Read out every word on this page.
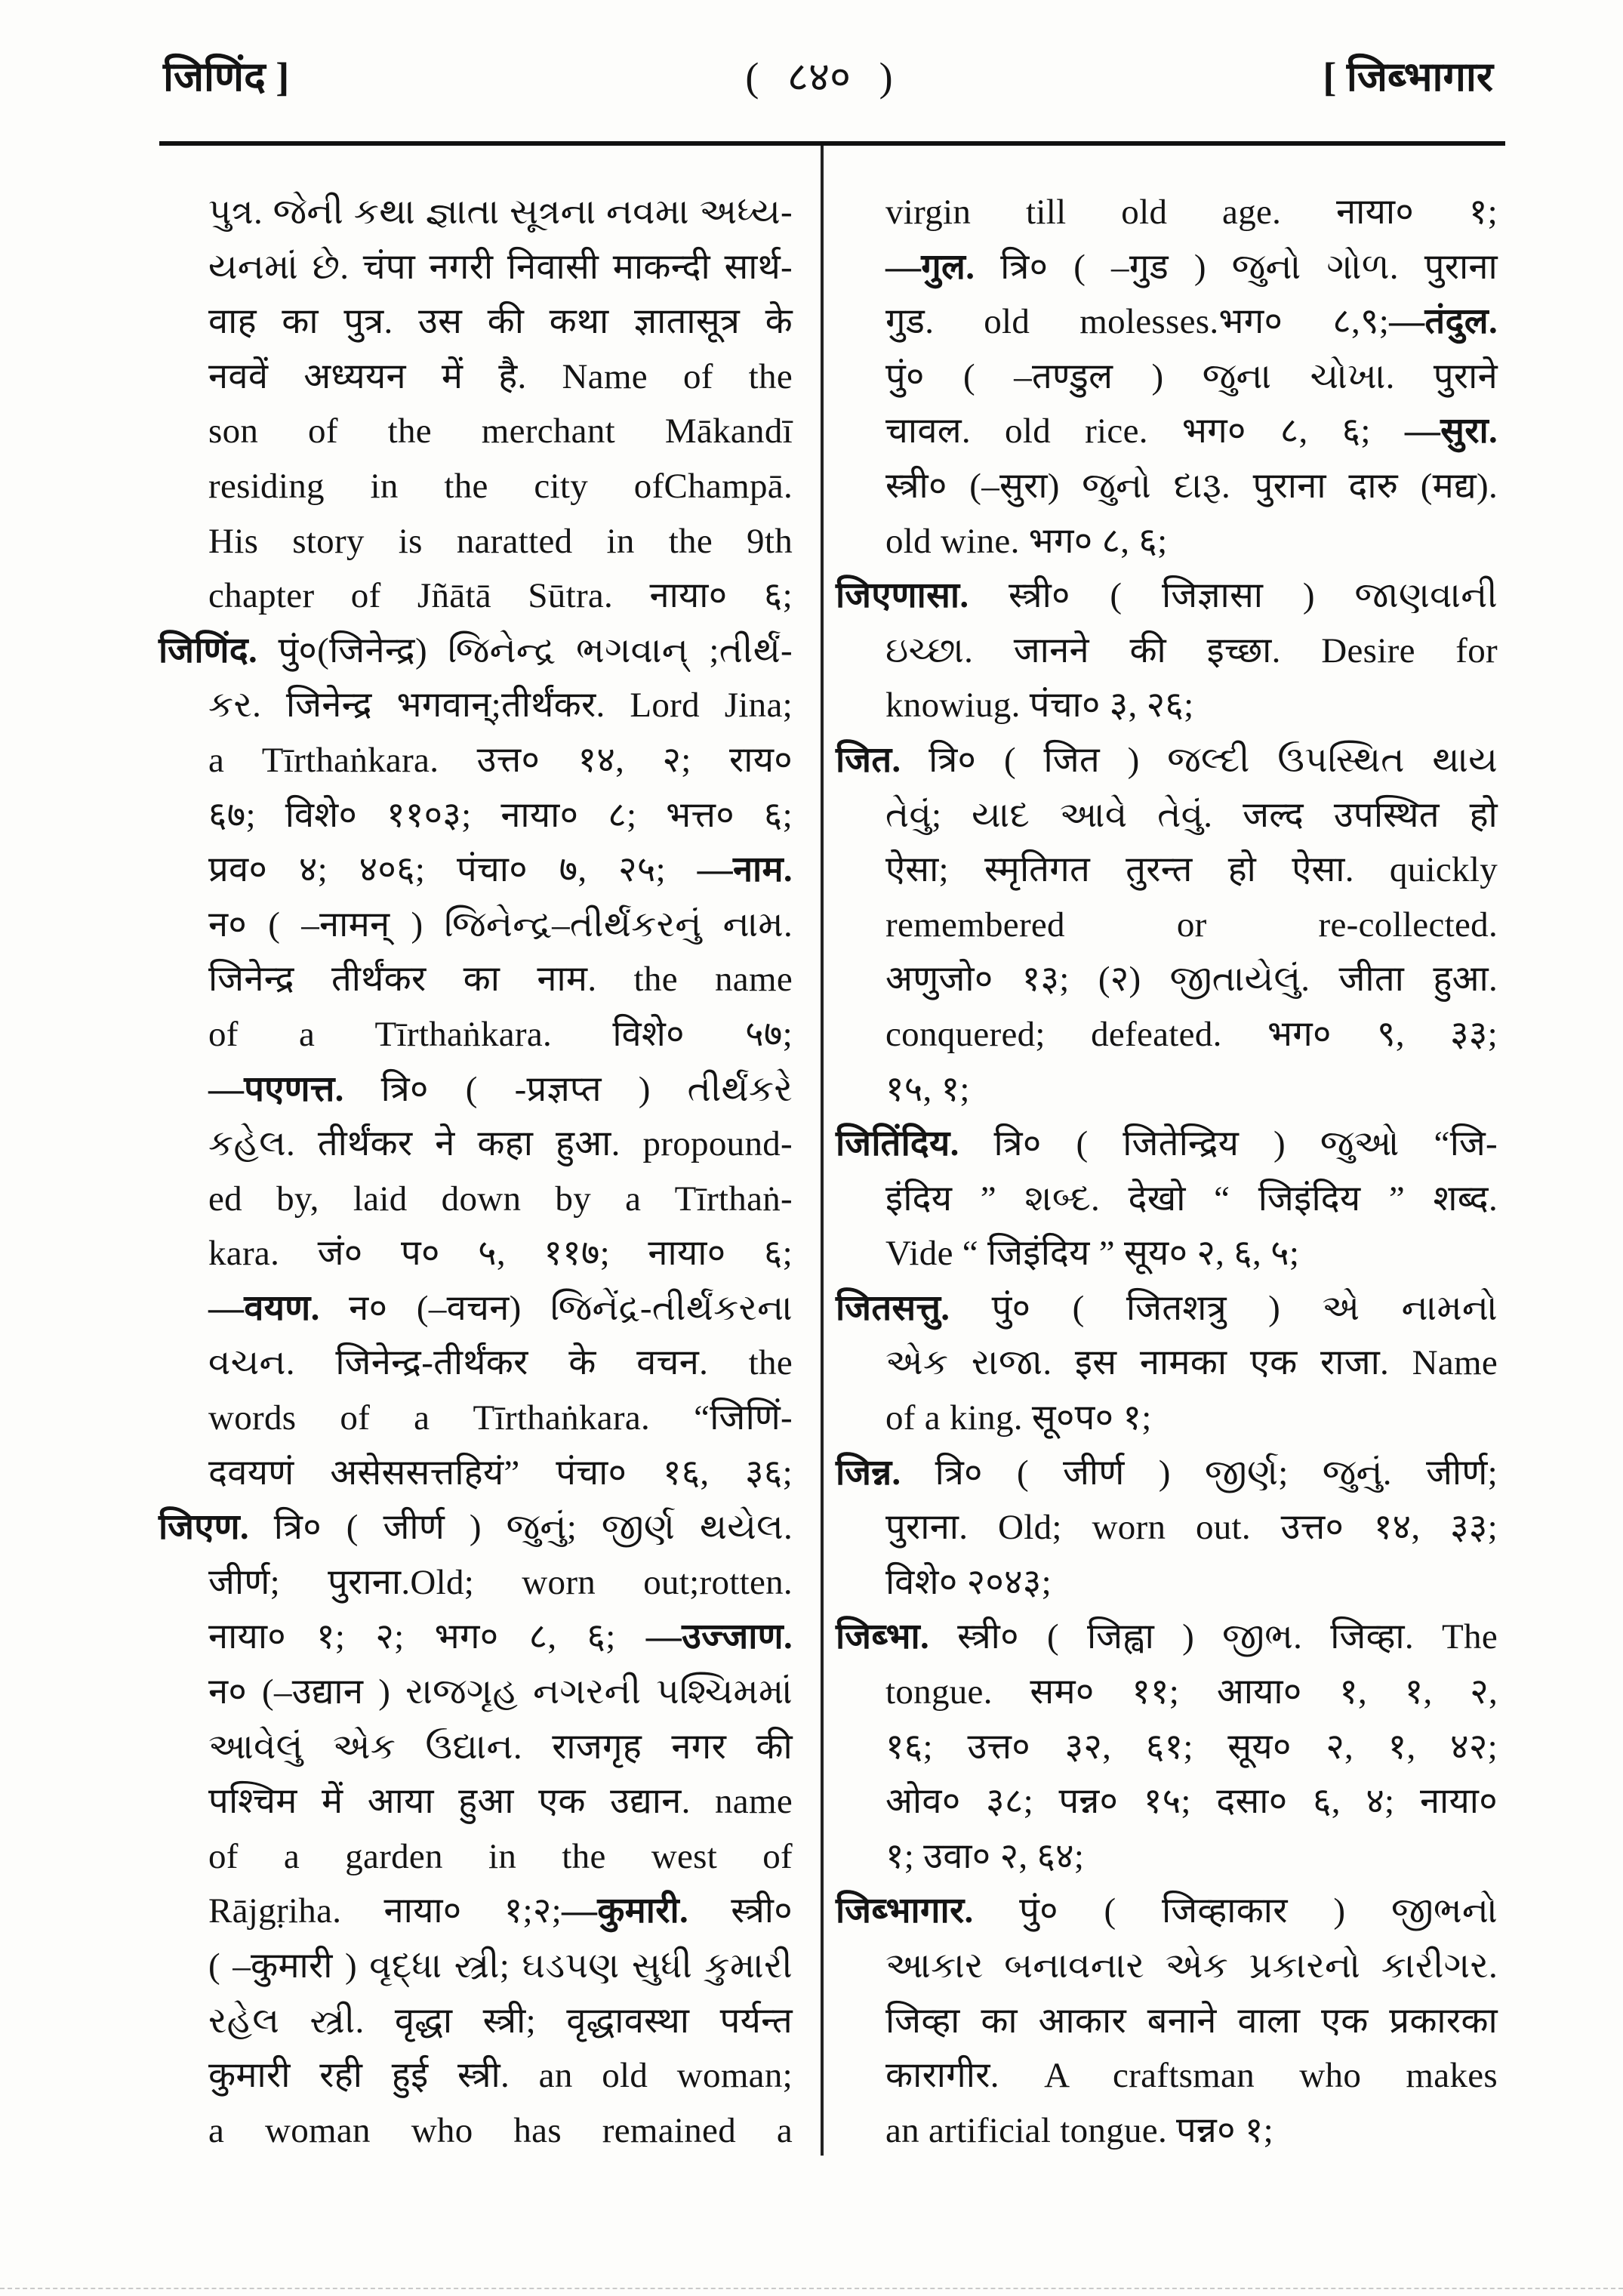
जिणिंद ]	( ८४० )	[ जिब्भागार
પુત્ર. જેની કથા જ્ઞાતા સૂત્રના નવમા અધ્ય-
યનમાં છે. चंपा नगरी निवासी माकन्दी सार्थ-
वाह का पुत्र. उस की कथा ज्ञातासूत्र के
नववें अध्ययन में है. Name of the
son of the merchant Mākandī
residing in the city ofChampā.
His story is naratted in the 9th
chapter of Jñātā Sūtra. नाया० ६;
जिणिंद. पुं०(जिनेन्द्र) જિનેન્દ્ર ભગવાન્ ;તીર્થં-
કર. जिनेन्द्र भगवान्;तीर्थंकर. Lord Jina;
a Tīrthaṅkara. उत्त० १४, २; राय०
६७; विशे० ११०३; नाया० ८; भत्त० ६;
प्रव० ४; ४०६; पंचा० ७, २५; —नाम.
न० ( –नामन् ) જિનેન્દ્ર–તીર્થંકરનું નામ.
जिनेन्द्र तीर्थंकर का नाम. the name
of a Tīrthaṅkara. विशे० ५७;
—पएणत्त. त्रि० ( -प्रज्ञप्त ) તીર્થંકરે
કહેલ. तीर्थंकर ने कहा हुआ. propound-
ed by, laid down by a Tīrthaṅ-
kara. जं० प० ५, ११७; नाया० ६;
—वयण. न० (–वचन) જિનેંદ્ર-તીર્થંકરના
વચન. जिनेन्द्र-तीर्थंकर के वचन. the
words of a Tīrthaṅkara. “जिणिं-
दवयणं असेससत्तहियं” पंचा० १६, ३६;
जिएण. त्रि० ( जीर्ण ) જુનું; જીર્ણ થયેલ.
जीर्ण; पुराना.Old; worn out;rotten.
नाया० १; २; भग० ८, ६; —उज्जाण.
न० (–उद्यान ) રાજગૃહ નગરની પશ્ચિમમાં
આવેલું એક ઉદ્યાન. राजगृह नगर की
पश्चिम में आया हुआ एक उद्यान. name
of a garden in the west of
Rājgṛiha. नाया० १;२;—कुमारी. स्त्री०
( –कुमारी ) વૃદ્ધા સ્ત્રી; ઘડપણ સુધી કુમારી
રહેલ સ્ત્રી. वृद्धा स्त्री; वृद्धावस्था पर्यन्त
कुमारी रही हुई स्त्री. an old woman;
a woman who has remained a
virgin till old age. नाया० १;
—गुल. त्रि० ( –गुड ) જુનો ગોળ. पुराना
गुड. old molesses.भग० ८,९;—तंदुल.
पुं० ( –तण्डुल ) જુના ચોખા. पुराने
चावल. old rice. भग० ८, ६; —सुरा.
स्त्री० (–सुरा) જુનો દારૂ. पुराना दारु (मद्य).
old wine. भग० ८, ६;
जिएणासा. स्त्री० ( जिज्ञासा ) જાણવાની
ઇચ્છા. जानने की इच्छा. Desire for
knowiug. पंचा० ३, २६;
जित. त्रि० ( जित ) જલ્દી ઉપસ્થિત થાય
તેવું; યાદ આવે તેવું. जल्द उपस्थित हो
ऐसा; स्मृतिगत तुरन्त हो ऐसा. quickly
remembered or re-collected.
अणुजो० १३; (२) જીતાયેલું. जीता हुआ.
conquered; defeated. भग० ९, ३३;
१५, १;
जितिंदिय. त्रि० ( जितेन्द्रिय ) જુઓ “जि-
इंदिय ” શબ્દ. देखो “ जिइंदिय ” शब्द.
Vide “ जिइंदिय ” सूय० २, ६, ५;
जितसत्तु. पुं० ( जितशत्रु ) એ નામનો
એક રાજા. इस नामका एक राजा. Name
of a king. सू०प० १;
जिन्न. त्रि० ( जीर्ण ) જીર્ણ; જુનું. जीर्ण;
पुराना. Old; worn out. उत्त० १४, ३३;
विशे० २०४३;
जिब्भा. स्त्री० ( जिह्वा ) જીભ. जिव्हा. The
tongue. सम० ११; आया० १, १, २,
१६; उत्त० ३२, ६१; सूय० २, १, ४२;
ओव० ३८; पन्न० १५; दसा० ६, ४; नाया०
१; उवा० २, ६४;
जिब्भागार. पुं० ( जिव्हाकार ) જીભનો
આકાર બનાવનાર એક પ્રકારનો કારીગર.
जिव्हा का आकार बनाने वाला एक प्रकारका
कारागीर. A craftsman who makes
an artificial tongue. पन्न० १;
